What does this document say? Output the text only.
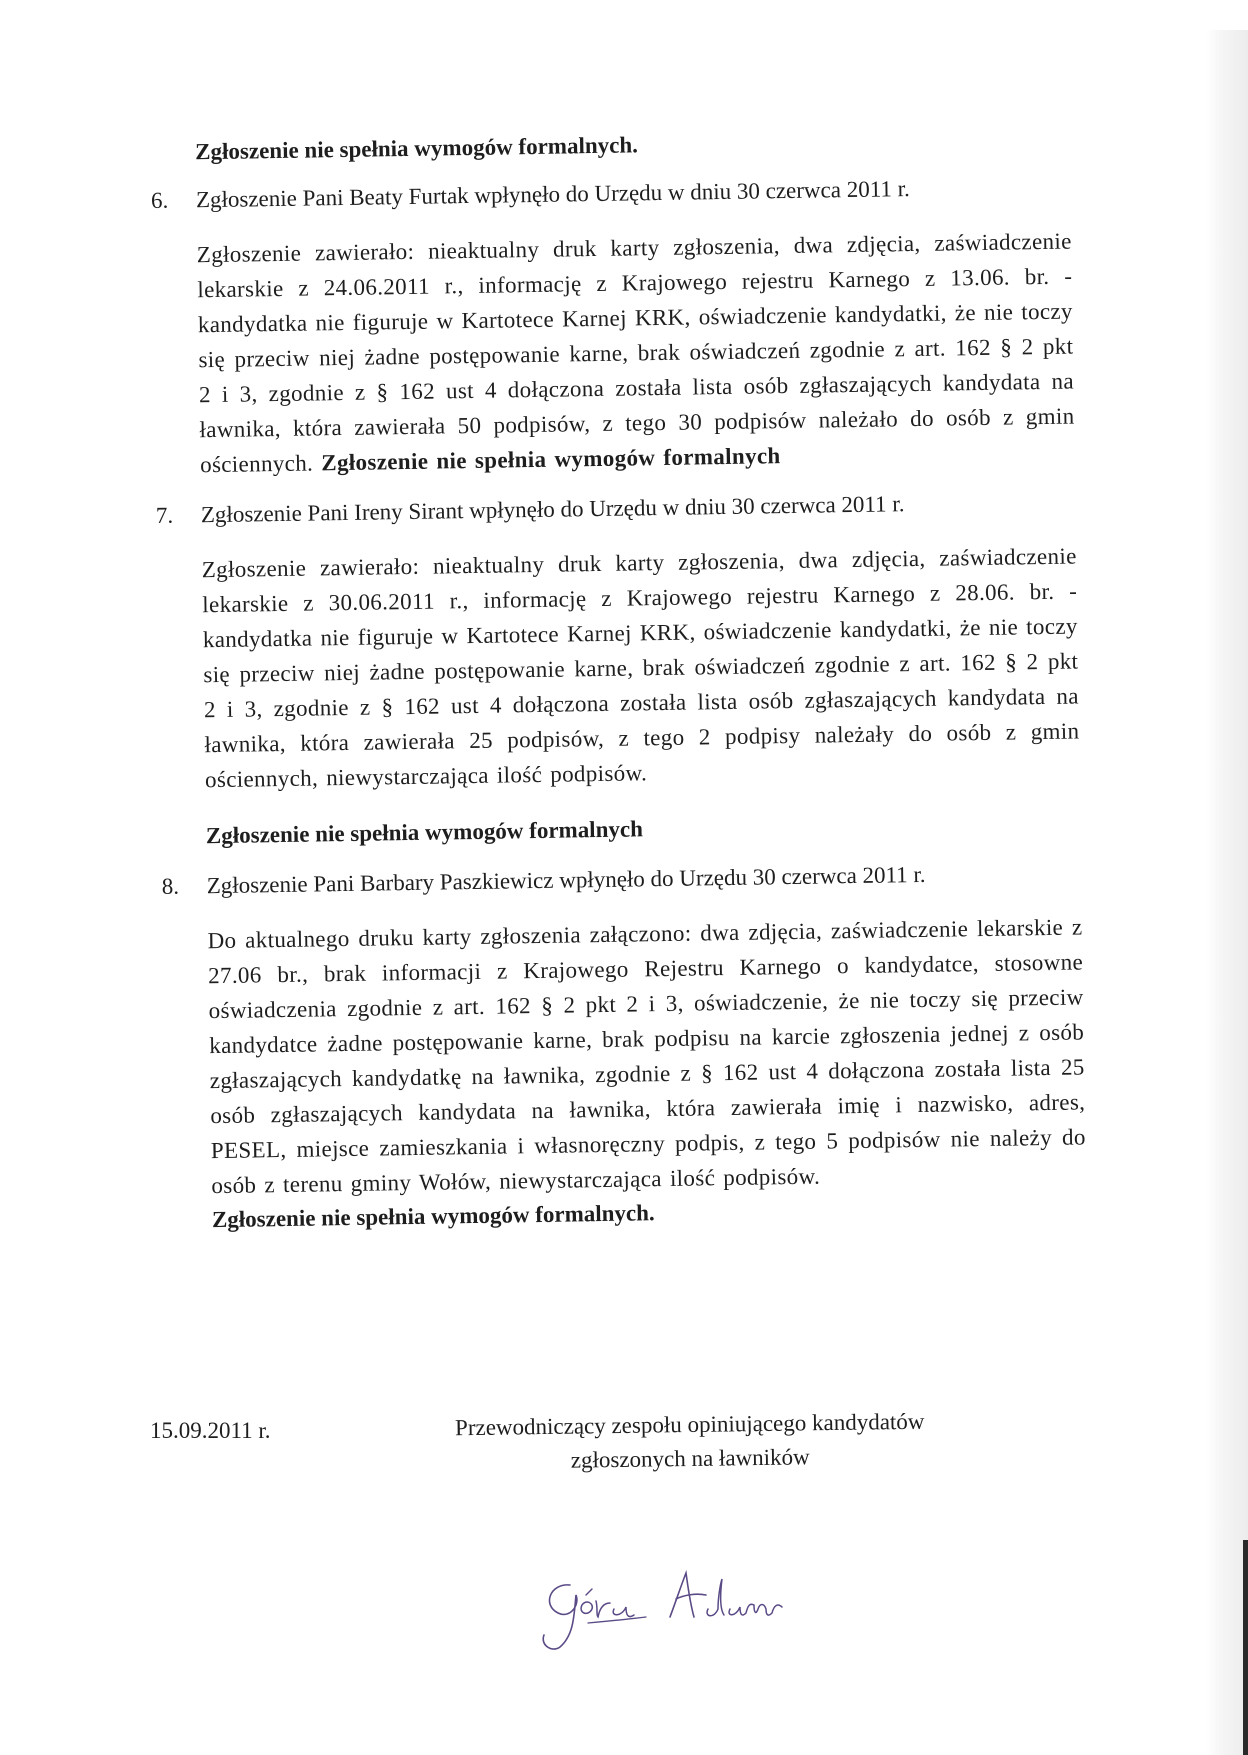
Zgłoszenie nie spełnia wymogów formalnych.
6.	Zgłoszenie Pani Beaty Furtak wpłynęło do Urzędu w dniu 30 czerwca 2011 r.
Zgłoszenie zawierało: nieaktualny druk karty zgłoszenia, dwa zdjęcia, zaświadczenie lekarskie z 24.06.2011 r., informację z Krajowego rejestru Karnego z 13.06. br. - kandydatka nie figuruje w Kartotece Karnej KRK, oświadczenie kandydatki, że nie toczy się przeciw niej żadne postępowanie karne, brak oświadczeń zgodnie z art. 162 § 2 pkt 2 i 3, zgodnie z § 162 ust 4 dołączona została lista osób zgłaszających kandydata na ławnika, która zawierała 50 podpisów, z tego 30 podpisów należało do osób z gmin ościennych. Zgłoszenie nie spełnia wymogów formalnych
7.	Zgłoszenie Pani Ireny Sirant wpłynęło do Urzędu w dniu 30 czerwca 2011 r.
Zgłoszenie zawierało: nieaktualny druk karty zgłoszenia, dwa zdjęcia, zaświadczenie lekarskie z 30.06.2011 r., informację z Krajowego rejestru Karnego z 28.06. br. - kandydatka nie figuruje w Kartotece Karnej KRK, oświadczenie kandydatki, że nie toczy się przeciw niej żadne postępowanie karne, brak oświadczeń zgodnie z art. 162 § 2 pkt 2 i 3, zgodnie z § 162 ust 4 dołączona została lista osób zgłaszających kandydata na ławnika, która zawierała 25 podpisów, z tego 2 podpisy należały do osób z gmin ościennych, niewystarczająca ilość podpisów.
Zgłoszenie nie spełnia wymogów formalnych
8.	Zgłoszenie Pani Barbary Paszkiewicz wpłynęło do Urzędu 30 czerwca 2011 r.
Do aktualnego druku karty zgłoszenia załączono: dwa zdjęcia, zaświadczenie lekarskie z 27.06 br., brak informacji z Krajowego Rejestru Karnego o kandydatce, stosowne oświadczenia zgodnie z art. 162 § 2 pkt 2 i 3, oświadczenie, że nie toczy się przeciw kandydatce żadne postępowanie karne, brak podpisu na karcie zgłoszenia jednej z osób zgłaszających kandydatkę na ławnika, zgodnie z § 162 ust 4 dołączona została lista 25 osób zgłaszających kandydata na ławnika, która zawierała imię i nazwisko, adres, PESEL, miejsce zamieszkania i własnoręczny podpis, z tego 5 podpisów nie należy do osób z terenu gminy Wołów, niewystarczająca ilość podpisów.
Zgłoszenie nie spełnia wymogów formalnych.
15.09.2011 r.	Przewodniczący zespołu opiniującego kandydatów
zgłoszonych na ławników
